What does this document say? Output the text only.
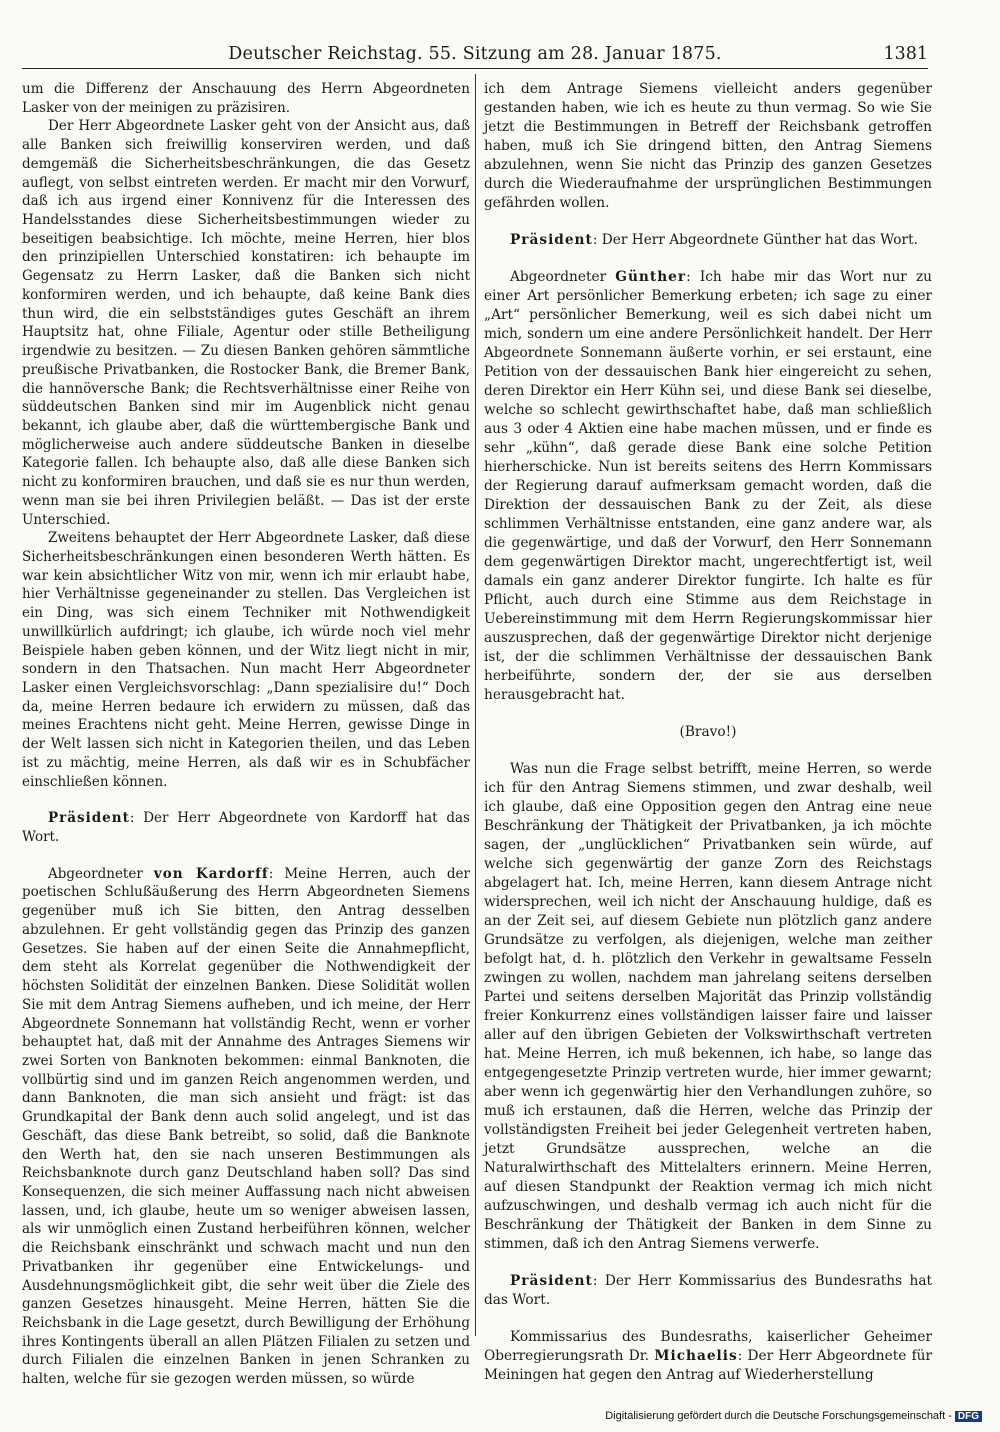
Deutscher Reichstag. 55. Sitzung am 28. Januar 1875.	1381

um die Differenz der Anschauung des Herrn Abgeordneten Lasker von der meinigen zu präzisiren.

Der Herr Abgeordnete Lasker geht von der Ansicht aus, daß alle Banken sich freiwillig konserviren werden, und daß demgemäß die Sicherheitsbeschränkungen, die das Gesetz auflegt, von selbst eintreten werden. Er macht mir den Vorwurf, daß ich aus irgend einer Konnivenz für die Interessen des Handelsstandes diese Sicherheitsbestimmungen wieder zu beseitigen beabsichtige. Ich möchte, meine Herren, hier blos den prinzipiellen Unterschied konstatiren: ich behaupte im Gegensatz zu Herrn Lasker, daß die Banken sich nicht konformiren werden, und ich behaupte, daß keine Bank dies thun wird, die ein selbstständiges gutes Geschäft an ihrem Hauptsitz hat, ohne Filiale, Agentur oder stille Betheiligung irgendwie zu besitzen. — Zu diesen Banken gehören sämmtliche preußische Privatbanken, die Rostocker Bank, die Bremer Bank, die hannöversche Bank; die Rechtsverhältnisse einer Reihe von süddeutschen Banken sind mir im Augenblick nicht genau bekannt, ich glaube aber, daß die württembergische Bank und möglicherweise auch andere süddeutsche Banken in dieselbe Kategorie fallen. Ich behaupte also, daß alle diese Banken sich nicht zu konformiren brauchen, und daß sie es nur thun werden, wenn man sie bei ihren Privilegien beläßt. — Das ist der erste Unterschied.

Zweitens behauptet der Herr Abgeordnete Lasker, daß diese Sicherheitsbeschränkungen einen besonderen Werth hätten. Es war kein absichtlicher Witz von mir, wenn ich mir erlaubt habe, hier Verhältnisse gegeneinander zu stellen. Das Vergleichen ist ein Ding, was sich einem Techniker mit Nothwendigkeit unwillkürlich aufdringt; ich glaube, ich würde noch viel mehr Beispiele haben geben können, und der Witz liegt nicht in mir, sondern in den Thatsachen. Nun macht Herr Abgeordneter Lasker einen Vergleichsvorschlag: „Dann spezialisire du!“ Doch da, meine Herren bedaure ich erwidern zu müssen, daß das meines Erachtens nicht geht. Meine Herren, gewisse Dinge in der Welt lassen sich nicht in Kategorien theilen, und das Leben ist zu mächtig, meine Herren, als daß wir es in Schubfächer einschließen können.

Präsident: Der Herr Abgeordnete von Kardorff hat das Wort.

Abgeordneter von Kardorff: Meine Herren, auch der poetischen Schlußäußerung des Herrn Abgeordneten Siemens gegenüber muß ich Sie bitten, den Antrag desselben abzulehnen. Er geht vollständig gegen das Prinzip des ganzen Gesetzes. Sie haben auf der einen Seite die Annahmepflicht, dem steht als Korrelat gegenüber die Nothwendigkeit der höchsten Solidität der einzelnen Banken. Diese Solidität wollen Sie mit dem Antrag Siemens aufheben, und ich meine, der Herr Abgeordnete Sonnemann hat vollständig Recht, wenn er vorher behauptet hat, daß mit der Annahme des Antrages Siemens wir zwei Sorten von Banknoten bekommen: einmal Banknoten, die vollbürtig sind und im ganzen Reich angenommen werden, und dann Banknoten, die man sich ansieht und frägt: ist das Grundkapital der Bank denn auch solid angelegt, und ist das Geschäft, das diese Bank betreibt, so solid, daß die Banknote den Werth hat, den sie nach unseren Bestimmungen als Reichsbanknote durch ganz Deutschland haben soll? Das sind Konsequenzen, die sich meiner Auffassung nach nicht abweisen lassen, und, ich glaube, heute um so weniger abweisen lassen, als wir unmöglich einen Zustand herbeiführen können, welcher die Reichsbank einschränkt und schwach macht und nun den Privatbanken ihr gegenüber eine Entwickelungs- und Ausdehnungsmöglichkeit gibt, die sehr weit über die Ziele des ganzen Gesetzes hinausgeht. Meine Herren, hätten Sie die Reichsbank in die Lage gesetzt, durch Bewilligung der Erhöhung ihres Kontingents überall an allen Plätzen Filialen zu setzen und durch Filialen die einzelnen Banken in jenen Schranken zu halten, welche für sie gezogen werden müssen, so würde

ich dem Antrage Siemens vielleicht anders gegenüber gestanden haben, wie ich es heute zu thun vermag. So wie Sie jetzt die Bestimmungen in Betreff der Reichsbank getroffen haben, muß ich Sie dringend bitten, den Antrag Siemens abzulehnen, wenn Sie nicht das Prinzip des ganzen Gesetzes durch die Wiederaufnahme der ursprünglichen Bestimmungen gefährden wollen.

Präsident: Der Herr Abgeordnete Günther hat das Wort.

Abgeordneter Günther: Ich habe mir das Wort nur zu einer Art persönlicher Bemerkung erbeten; ich sage zu einer „Art“ persönlicher Bemerkung, weil es sich dabei nicht um mich, sondern um eine andere Persönlichkeit handelt. Der Herr Abgeordnete Sonnemann äußerte vorhin, er sei erstaunt, eine Petition von der dessauischen Bank hier eingereicht zu sehen, deren Direktor ein Herr Kühn sei, und diese Bank sei dieselbe, welche so schlecht gewirthschaftet habe, daß man schließlich aus 3 oder 4 Aktien eine habe machen müssen, und er finde es sehr „kühn“, daß gerade diese Bank eine solche Petition hierherschicke. Nun ist bereits seitens des Herrn Kommissars der Regierung darauf aufmerksam gemacht worden, daß die Direktion der dessauischen Bank zu der Zeit, als diese schlimmen Verhältnisse entstanden, eine ganz andere war, als die gegenwärtige, und daß der Vorwurf, den Herr Sonnemann dem gegenwärtigen Direktor macht, ungerechtfertigt ist, weil damals ein ganz anderer Direktor fungirte. Ich halte es für Pflicht, auch durch eine Stimme aus dem Reichstage in Uebereinstimmung mit dem Herrn Regierungskommissar hier auszusprechen, daß der gegenwärtige Direktor nicht derjenige ist, der die schlimmen Verhältnisse der dessauischen Bank herbeiführte, sondern der, der sie aus derselben herausgebracht hat.

(Bravo!)

Was nun die Frage selbst betrifft, meine Herren, so werde ich für den Antrag Siemens stimmen, und zwar deshalb, weil ich glaube, daß eine Opposition gegen den Antrag eine neue Beschränkung der Thätigkeit der Privatbanken, ja ich möchte sagen, der „unglücklichen“ Privatbanken sein würde, auf welche sich gegenwärtig der ganze Zorn des Reichstags abgelagert hat. Ich, meine Herren, kann diesem Antrage nicht widersprechen, weil ich nicht der Anschauung huldige, daß es an der Zeit sei, auf diesem Gebiete nun plötzlich ganz andere Grundsätze zu verfolgen, als diejenigen, welche man zeither befolgt hat, d. h. plötzlich den Verkehr in gewaltsame Fesseln zwingen zu wollen, nachdem man jahrelang seitens derselben Partei und seitens derselben Majorität das Prinzip vollständig freier Konkurrenz eines vollständigen laisser faire und laisser aller auf den übrigen Gebieten der Volkswirthschaft vertreten hat. Meine Herren, ich muß bekennen, ich habe, so lange das entgegengesetzte Prinzip vertreten wurde, hier immer gewarnt; aber wenn ich gegenwärtig hier den Verhandlungen zuhöre, so muß ich erstaunen, daß die Herren, welche das Prinzip der vollständigsten Freiheit bei jeder Gelegenheit vertreten haben, jetzt Grundsätze aussprechen, welche an die Naturalwirthschaft des Mittelalters erinnern. Meine Herren, auf diesen Standpunkt der Reaktion vermag ich mich nicht aufzuschwingen, und deshalb vermag ich auch nicht für die Beschränkung der Thätigkeit der Banken in dem Sinne zu stimmen, daß ich den Antrag Siemens verwerfe.

Präsident: Der Herr Kommissarius des Bundesraths hat das Wort.

Kommissarius des Bundesraths, kaiserlicher Geheimer Oberregierungsrath Dr. Michaelis: Der Herr Abgeordnete für Meiningen hat gegen den Antrag auf Wiederherstellung

Digitalisierung gefördert durch die Deutsche Forschungsgemeinschaft - DFG
